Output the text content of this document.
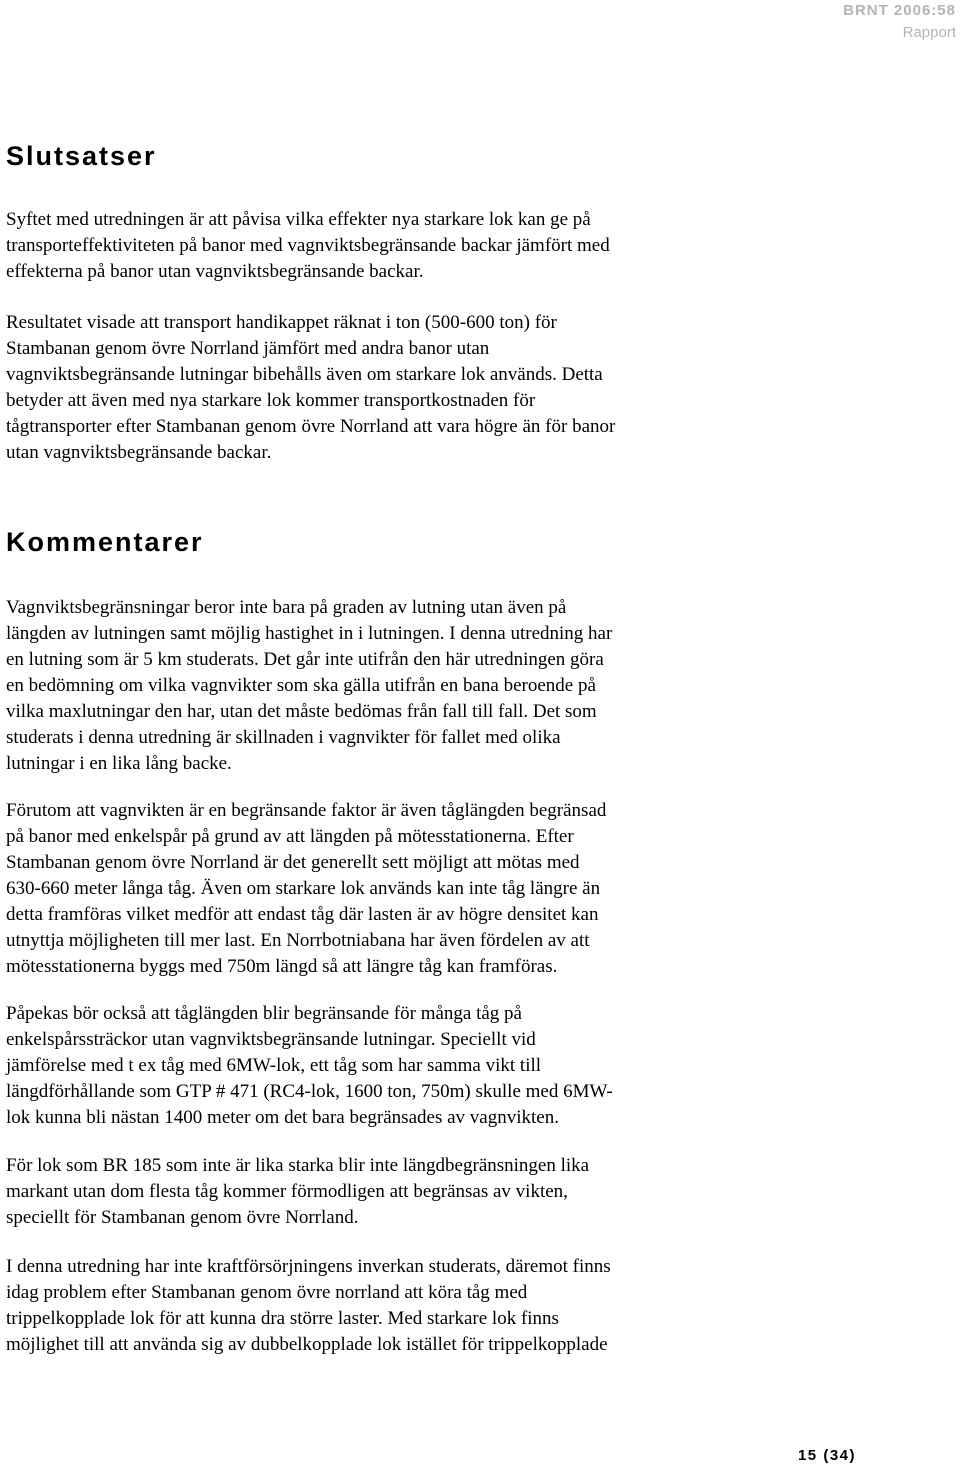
BRNT 2006:58
Rapport
Slutsatser
Syftet med utredningen är att påvisa vilka effekter nya starkare lok kan ge på
transporteffektiviteten på banor med vagnviktsbegränsande backar jämfört med
effekterna på banor utan vagnviktsbegränsande backar.
Resultatet visade att transport handikappet räknat i ton (500-600 ton) för
Stambanan genom övre Norrland jämfört med andra banor utan
vagnviktsbegränsande lutningar bibehålls även om starkare lok används. Detta
betyder att även med nya starkare lok kommer transportkostnaden för
tågtransporter efter Stambanan genom övre Norrland att vara högre än för banor
utan vagnviktsbegränsande backar.
Kommentarer
Vagnviktsbegränsningar beror inte bara på graden av lutning utan även på
längden av lutningen samt möjlig hastighet in i lutningen. I denna utredning har
en lutning som är 5 km studerats. Det går inte utifrån den här utredningen göra
en bedömning om vilka vagnvikter som ska gälla utifrån en bana beroende på
vilka maxlutningar den har, utan det måste bedömas från fall till fall. Det som
studerats i denna utredning är skillnaden i vagnvikter för fallet med olika
lutningar i en lika lång backe.
Förutom att vagnvikten är en begränsande faktor är även tåglängden begränsad
på banor med enkelspår på grund av att längden på mötesstationerna. Efter
Stambanan genom övre Norrland är det generellt sett möjligt att mötas med
630-660 meter långa tåg. Även om starkare lok används kan inte tåg längre än
detta framföras vilket medför att endast tåg där lasten är av högre densitet kan
utnyttja möjligheten till mer last. En Norrbotniabana har även fördelen av att
mötesstationerna byggs med 750m längd så att längre tåg kan framföras.
Påpekas bör också att tåglängden blir begränsande för många tåg på
enkelspårssträckor utan vagnviktsbegränsande lutningar. Speciellt vid
jämförelse med t ex tåg med 6MW-lok, ett tåg som har samma vikt till
längdförhållande som GTP # 471 (RC4-lok, 1600 ton, 750m) skulle med 6MW-
lok kunna bli nästan 1400 meter om det bara begränsades av vagnvikten.
För lok som BR 185 som inte är lika starka blir inte längdbegränsningen lika
markant utan dom flesta tåg kommer förmodligen att begränsas av vikten,
speciellt för Stambanan genom övre Norrland.
I denna utredning har inte kraftförsörjningens inverkan studerats, däremot finns
idag problem efter Stambanan genom övre norrland att köra tåg med
trippelkopplade lok för att kunna dra större laster. Med starkare lok finns
möjlighet till att använda sig av dubbelkopplade lok istället för trippelkopplade
15 (34)
